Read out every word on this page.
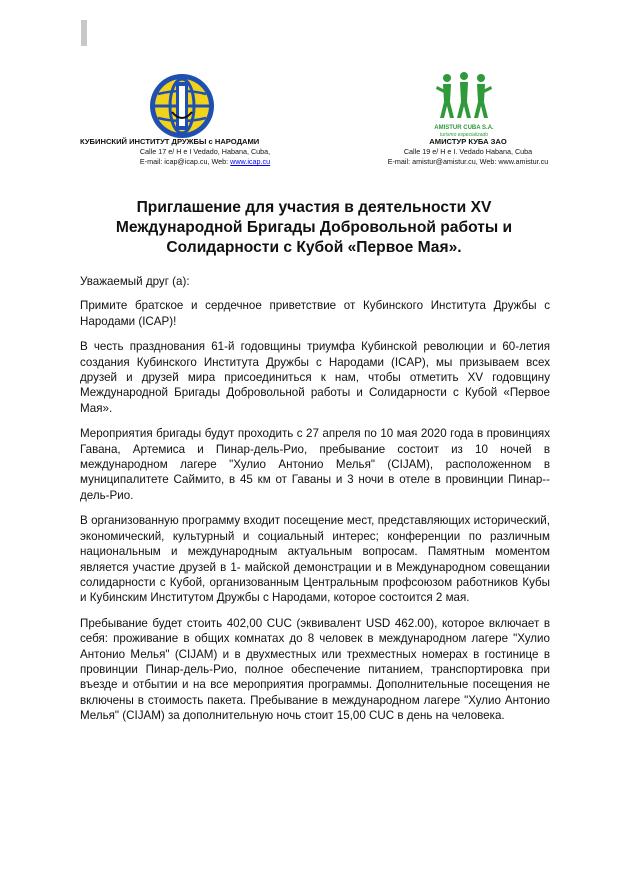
AMISTUR CUBA S.A.
turismo especializado
КУБИНСКИЙ ИНСТИТУТ ДРУЖБЫ с НАРОДАМИ
Calle 17 e/ H e I Vedado, Habana, Cuba,
E-mail: icap@icap.cu, Web: www.icap.cu
АМИСТУР КУБА ЗАО
Calle 19 e/ H e I. Vedado Habana, Cuba
E-mail: amistur@amistur.cu, Web: www.amistur.cu
Приглашение для участия в деятельности XV Международной Бригады Добровольной работы и Солидарности с Кубой «Первое Мая».

Уважаемый друг (а):

Примите братское и сердечное приветствие от Кубинского Института Дружбы с Народами (ICAP)!

В честь празднования 61-й годовщины триумфа Кубинской революции и 60-летия создания Кубинского Института Дружбы с Народами (ICAP), мы призываем всех друзей и друзей мира присоединиться к нам, чтобы отметить XV годовщину Международной Бригады Добровольной работы и Солидарности с Кубой «Первое Мая».

Мероприятия бригады будут проходить с 27 апреля по 10 мая 2020 года в провинциях Гавана, Артемиса и Пинар-дель-Рио, пребывание состоит из 10 ночей в международном лагере "Хулио Антонио Мелья" (CIJAM), расположенном в муниципалитете Саймито, в 45 км от Гаваны и 3 ночи в отеле в провинции Пинар--дель-Рио.

В организованную программу входит посещение мест, представляющих исторический, экономический, культурный и социальный интерес; конференции по различным национальным и международным актуальным вопросам. Памятным моментом является участие друзей в 1- майской демонстрации и в Международном совещании солидарности с Кубой, организованным Центральным профсоюзом работников Кубы и Кубинским Институтом Дружбы с Народами, которое состоится 2 мая.

Пребывание будет стоить 402,00 CUC (эквивалент USD 462.00), которое включает в себя: проживание в общих комнатах до 8 человек в международном лагере "Хулио Антонио Мелья" (CIJAM) и в двухместных или трехместных номерах в гостинице в провинции Пинар-дель-Рио, полное обеспечение питанием, транспортировка при въезде и отбытии и на все мероприятия программы. Дополнительные посещения не включены в стоимость пакета. Пребывание в международном лагере "Хулио Антонио Мелья" (CIJAM) за дополнительную ночь стоит 15,00 CUC в день на человека.
